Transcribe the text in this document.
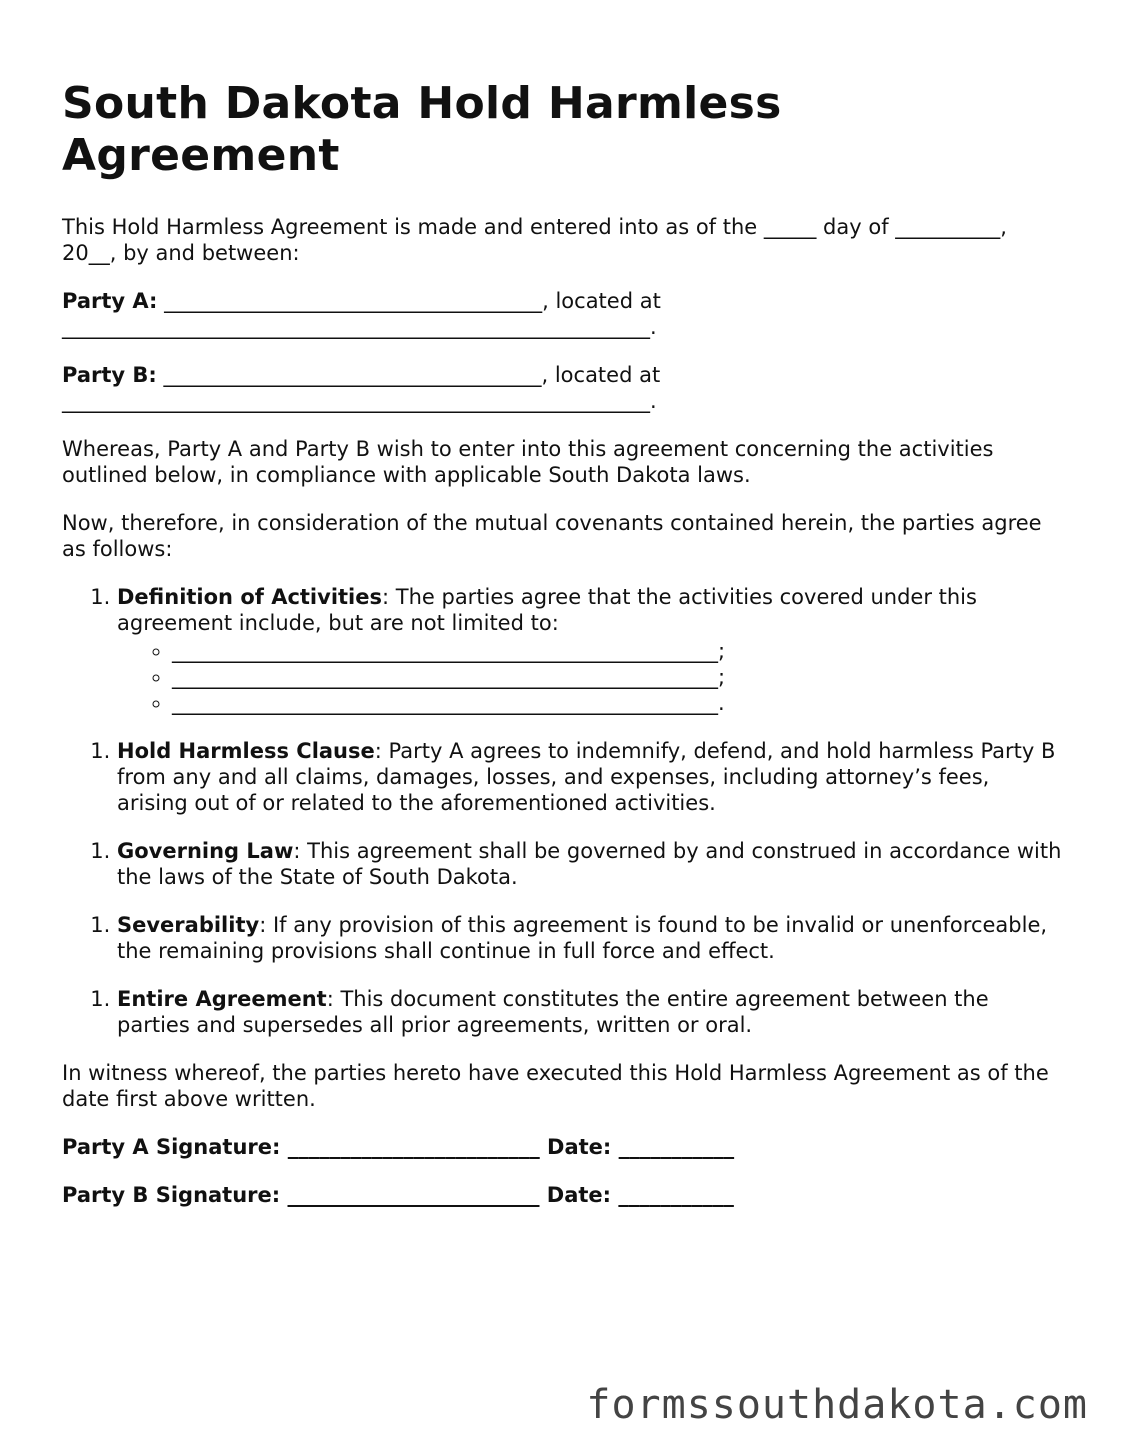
South Dakota Hold Harmless Agreement

This Hold Harmless Agreement is made and entered into as of the _____ day of __________, 20__, by and between:

Party A: ____________________________________, located at ________________________________________________________.
Party B: ____________________________________, located at ________________________________________________________.

Whereas, Party A and Party B wish to enter into this agreement concerning the activities outlined below, in compliance with applicable South Dakota laws.

Now, therefore, in consideration of the mutual covenants contained herein, the parties agree as follows:

1. Definition of Activities: The parties agree that the activities covered under this agreement include, but are not limited to:
◦ ____________________________________________________;
◦ ____________________________________________________;
◦ ____________________________________________________.
1. Hold Harmless Clause: Party A agrees to indemnify, defend, and hold harmless Party B from any and all claims, damages, losses, and expenses, including attorney’s fees, arising out of or related to the aforementioned activities.
1. Governing Law: This agreement shall be governed by and construed in accordance with the laws of the State of South Dakota.
1. Severability: If any provision of this agreement is found to be invalid or unenforceable, the remaining provisions shall continue in full force and effect.
1. Entire Agreement: This document constitutes the entire agreement between the parties and supersedes all prior agreements, written or oral.

In witness whereof, the parties hereto have executed this Hold Harmless Agreement as of the date first above written.

Party A Signature: ________________________ Date: ___________
Party B Signature: ________________________ Date: ___________
formssouthdakota.com
